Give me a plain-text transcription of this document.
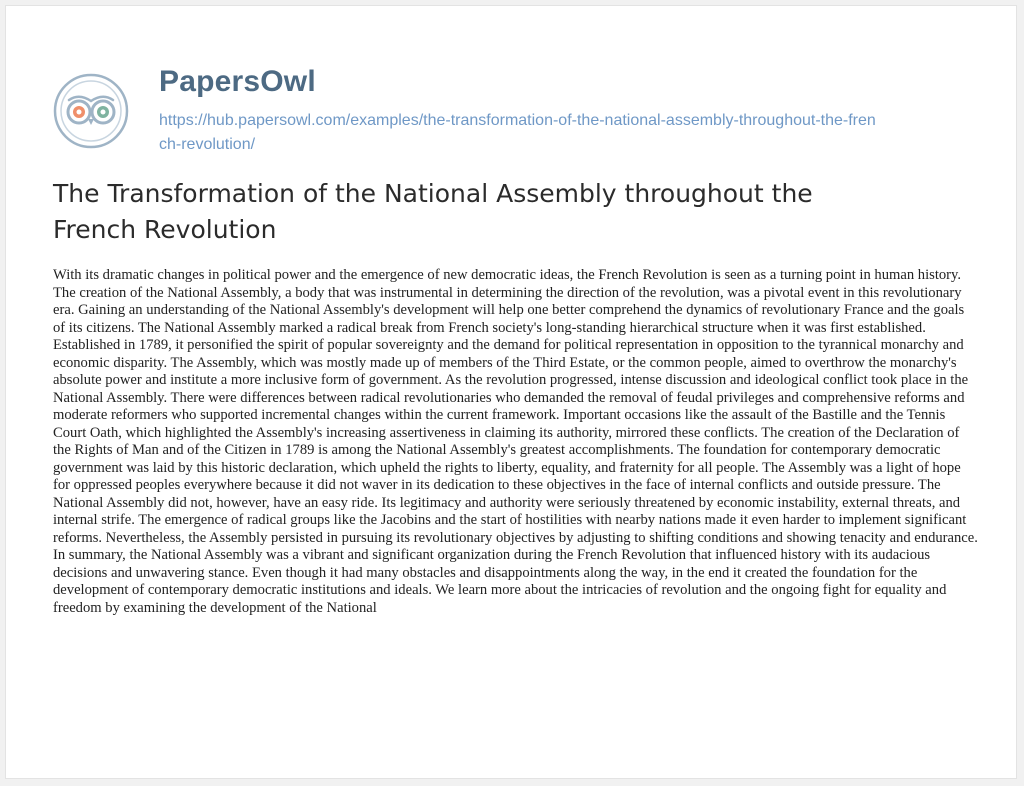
PapersOwl
https://hub.papersowl.com/examples/the-transformation-of-the-national-assembly-throughout-the-french-revolution/
The Transformation of the National Assembly throughout the French Revolution

With its dramatic changes in political power and the emergence of new democratic ideas, the French Revolution is seen as a turning point in human history. The creation of the National Assembly, a body that was instrumental in determining the direction of the revolution, was a pivotal event in this revolutionary era. Gaining an understanding of the National Assembly's development will help one better comprehend the dynamics of revolutionary France and the goals of its citizens. The National Assembly marked a radical break from French society's long-standing hierarchical structure when it was first established. Established in 1789, it personified the spirit of popular sovereignty and the demand for political representation in opposition to the tyrannical monarchy and economic disparity. The Assembly, which was mostly made up of members of the Third Estate, or the common people, aimed to overthrow the monarchy's absolute power and institute a more inclusive form of government. As the revolution progressed, intense discussion and ideological conflict took place in the National Assembly. There were differences between radical revolutionaries who demanded the removal of feudal privileges and comprehensive reforms and moderate reformers who supported incremental changes within the current framework. Important occasions like the assault of the Bastille and the Tennis Court Oath, which highlighted the Assembly's increasing assertiveness in claiming its authority, mirrored these conflicts. The creation of the Declaration of the Rights of Man and of the Citizen in 1789 is among the National Assembly's greatest accomplishments. The foundation for contemporary democratic government was laid by this historic declaration, which upheld the rights to liberty, equality, and fraternity for all people. The Assembly was a light of hope for oppressed peoples everywhere because it did not waver in its dedication to these objectives in the face of internal conflicts and outside pressure. The National Assembly did not, however, have an easy ride. Its legitimacy and authority were seriously threatened by economic instability, external threats, and internal strife. The emergence of radical groups like the Jacobins and the start of hostilities with nearby nations made it even harder to implement significant reforms. Nevertheless, the Assembly persisted in pursuing its revolutionary objectives by adjusting to shifting conditions and showing tenacity and endurance. In summary, the National Assembly was a vibrant and significant organization during the French Revolution that influenced history with its audacious decisions and unwavering stance. Even though it had many obstacles and disappointments along the way, in the end it created the foundation for the development of contemporary democratic institutions and ideals. We learn more about the intricacies of revolution and the ongoing fight for equality and freedom by examining the development of the National
